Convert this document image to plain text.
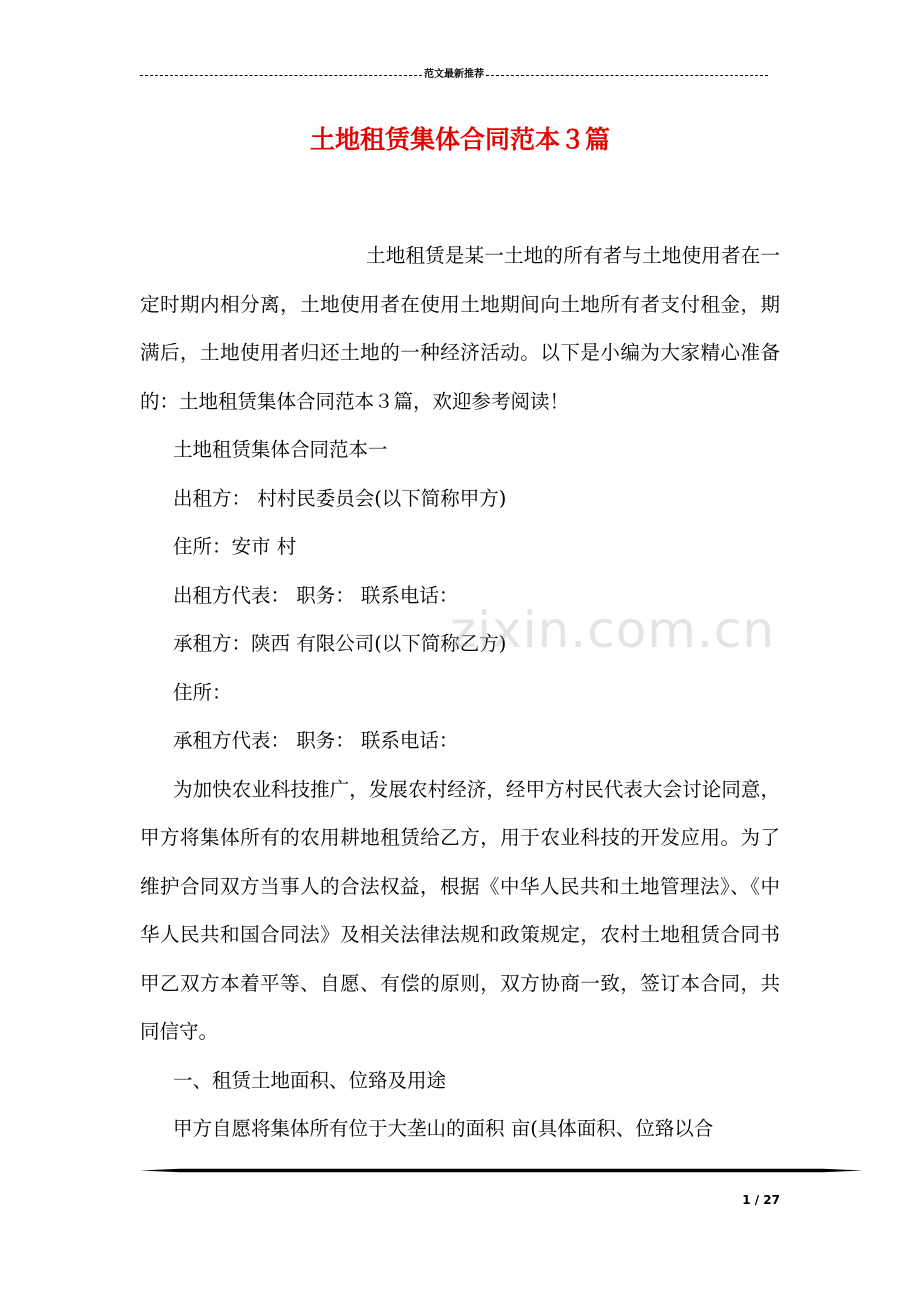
范文最新推荐
土地租赁集体合同范本３篇

土地租赁是某一土地的所有者与土地使用者在一定时期内相分离，土地使用者在使用土地期间向土地所有者支付租金，期满后，土地使用者归还土地的一种经济活动。以下是小编为大家精心准备的：土地租赁集体合同范本３篇，欢迎参考阅读！

土地租赁集体合同范本一

出租方： 村村民委员会(以下简称甲方)

住所：安市 村

出租方代表： 职务： 联系电话：

承租方：陕西 有限公司(以下简称乙方)

住所：

承租方代表： 职务： 联系电话：

为加快农业科技推广，发展农村经济，经甲方村民代表大会讨论同意，甲方将集体所有的农用耕地租赁给乙方，用于农业科技的开发应用。为了维护合同双方当事人的合法权益，根据《中华人民共和土地管理法》、《中华人民共和国合同法》及相关法律法规和政策规定，农村土地租赁合同书甲乙双方本着平等、自愿、有偿的原则，双方协商一致，签订本合同，共同信守。

一、租赁土地面积、位臵及用途

甲方自愿将集体所有位于大垄山的面积 亩(具体面积、位臵以合

zixin.com.cn
1 / 27
